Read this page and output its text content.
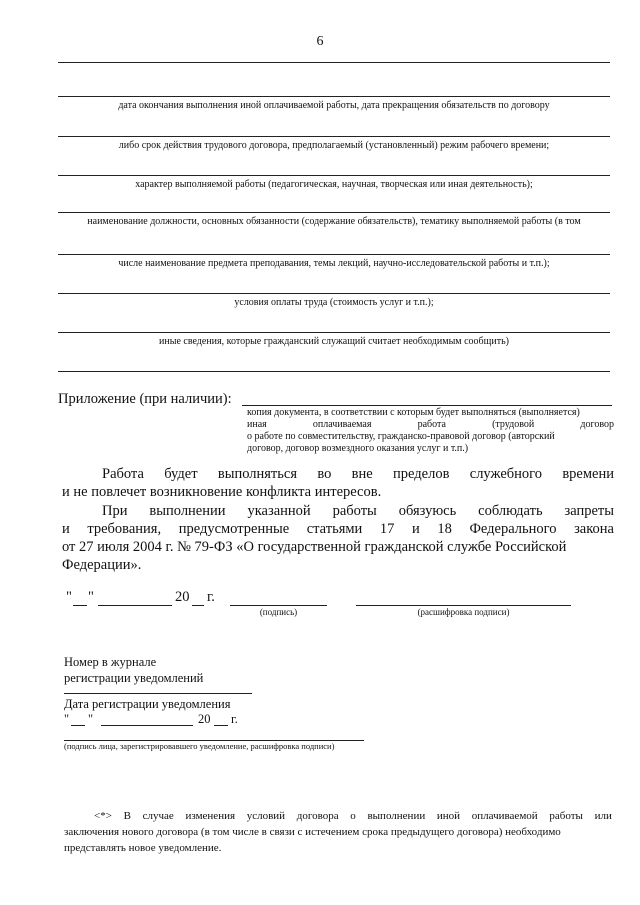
6
дата окончания выполнения иной оплачиваемой работы, дата прекращения обязательств по договору
либо срок действия трудового договора, предполагаемый (установленный) режим рабочего времени;
характер выполняемой работы (педагогическая, научная, творческая или иная деятельность);
наименование должности, основных обязанности (содержание обязательств), тематику выполняемой работы (в том
числе наименование предмета преподавания, темы лекций, научно-исследовательской работы и т.п.);
условия оплаты труда (стоимость услуг и т.п.);
иные сведения, которые гражданский служащий считает необходимым сообщить)
Приложение (при наличии):
копия документа, в соответствии с которым будет выполняться (выполняется)
иная	оплачиваемая	работа	(трудовой	договор
о работе по совместительству, гражданско-правовой договор (авторский
договор, договор возмездного оказания услуг и т.п.)
Работа будет выполняться во вне пределов служебного времени
и не повлечет возникновение конфликта интересов.
При выполнении указанной работы обязуюсь соблюдать запреты
и требования, предусмотренные статьями 17 и 18 Федерального закона
от 27 июля 2004 г. № 79-ФЗ «О государственной гражданской службе Российской
Федерации».
" "	20 г.
(подпись)	(расшифровка подписи)
Номер в журнале
регистрации уведомлений
Дата регистрации уведомления
" "	20 г.
(подпись лица, зарегистрировавшего уведомление, расшифровка подписи)
<*> В случае изменения условий договора о выполнении иной оплачиваемой работы или
заключения нового договора (в том числе в связи с истечением срока предыдущего договора) необходимо
представлять новое уведомление.
